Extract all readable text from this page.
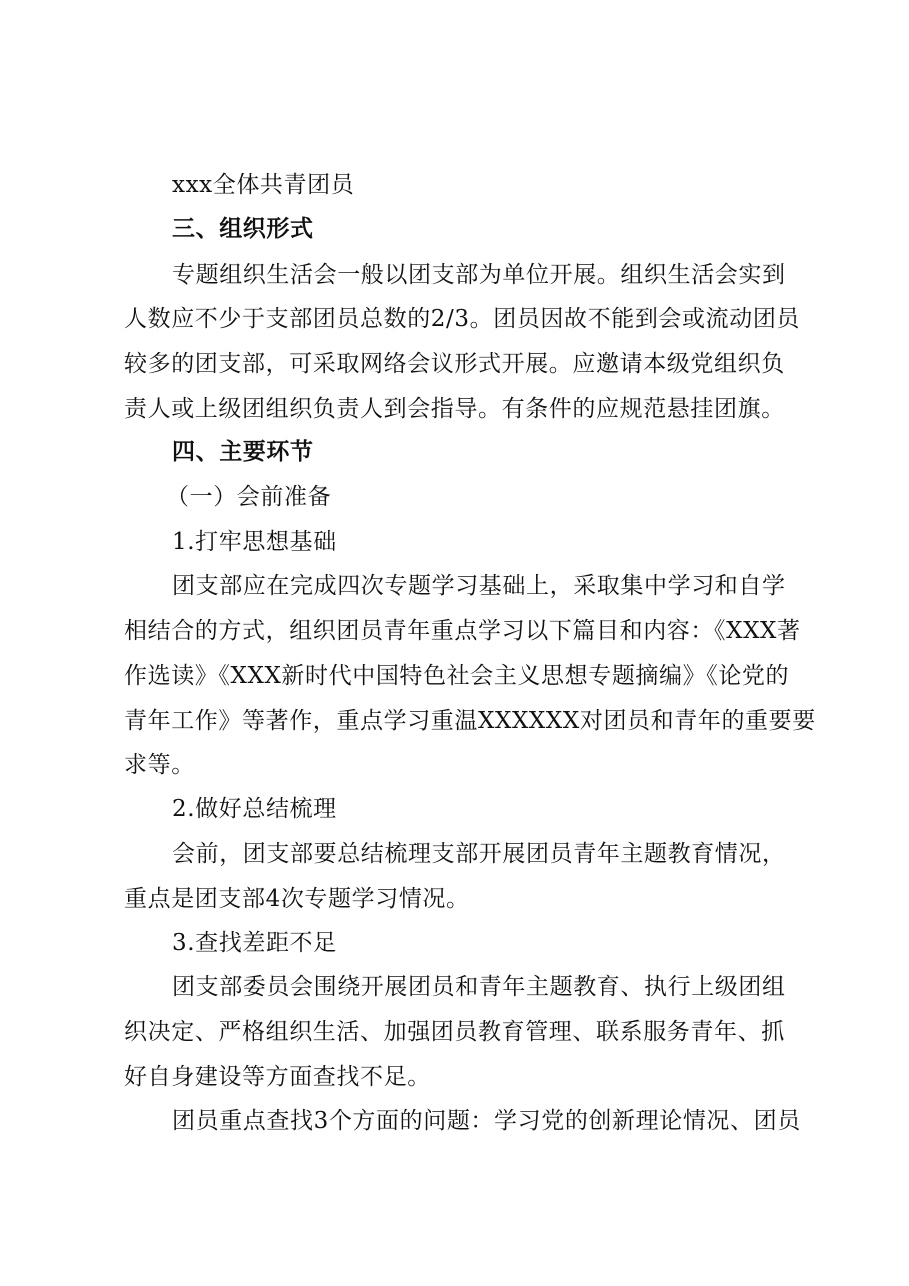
xxx全体共青团员
三、组织形式
专题组织生活会一般以团支部为单位开展。组织生活会实到
人数应不少于支部团员总数的2/3。团员因故不能到会或流动团员
较多的团支部，可采取网络会议形式开展。应邀请本级党组织负
责人或上级团组织负责人到会指导。有条件的应规范悬挂团旗。
四、主要环节
（一）会前准备
1.打牢思想基础
团支部应在完成四次专题学习基础上，采取集中学习和自学
相结合的方式，组织团员青年重点学习以下篇目和内容：《XXX著
作选读》《XXX新时代中国特色社会主义思想专题摘编》《论党的
青年工作》等著作，重点学习重温XXXXXX对团员和青年的重要要
求等。
2.做好总结梳理
会前，团支部要总结梳理支部开展团员青年主题教育情况，
重点是团支部4次专题学习情况。
3.查找差距不足
团支部委员会围绕开展团员和青年主题教育、执行上级团组
织决定、严格组织生活、加强团员教育管理、联系服务青年、抓
好自身建设等方面查找不足。
团员重点查找3个方面的问题：学习党的创新理论情况、团员
